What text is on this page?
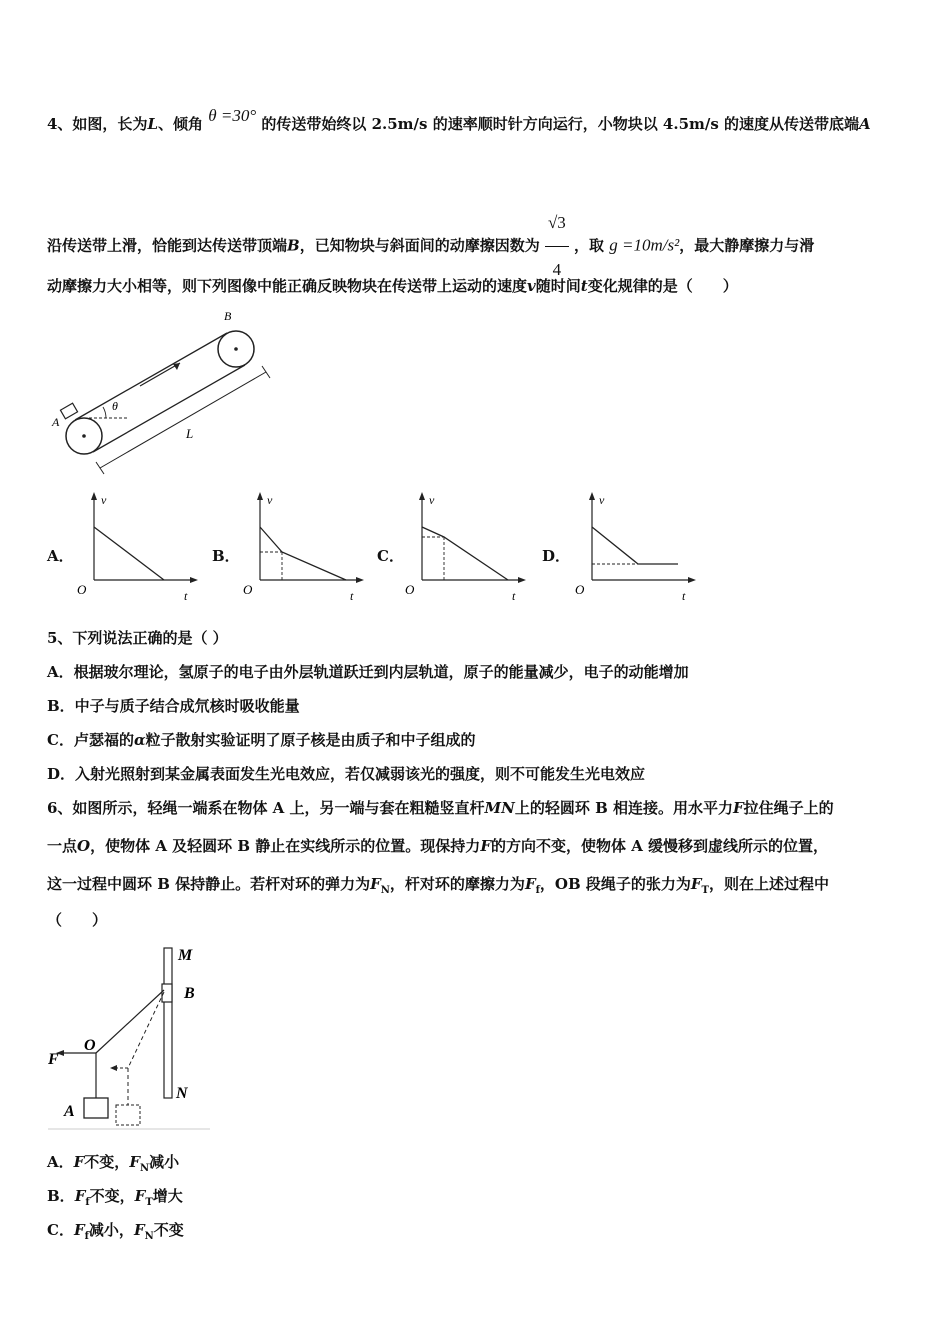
4、如图，长为L、倾角 θ =30° 的传送带始终以 2.5m/s 的速率顺时针方向运行，小物块以 4.5m/s 的速度从传送带底端A
沿传送带上滑，恰能到达传送带顶端B，已知物块与斜面间的动摩擦因数为 $\frac{√3}{4}$ ，取 g =10m/s²，最大静摩擦力与滑
动摩擦力大小相等，则下列图像中能正确反映物块在传送带上运动的速度v随时间t变化规律的是（　　）
A
B
θ
L
A．
v
t
O
B．
v
t
O
C．
v
t
O
D．
v
t
O
5、下列说法正确的是（ ）
A．根据玻尔理论，氢原子的电子由外层轨道跃迁到内层轨道，原子的能量减少，电子的动能增加
B．中子与质子结合成氘核时吸收能量
C．卢瑟福的α粒子散射实验证明了原子核是由质子和中子组成的
D．入射光照射到某金属表面发生光电效应，若仅减弱该光的强度，则不可能发生光电效应
6、如图所示，轻绳一端系在物体 A 上，另一端与套在粗糙竖直杆MN上的轻圆环 B 相连接。用水平力F拉住绳子上的
一点O，使物体 A 及轻圆环 B 静止在实线所示的位置。现保持力F的方向不变，使物体 A 缓慢移到虚线所示的位置，
这一过程中圆环 B 保持静止。若杆对环的弹力为$F_N$，杆对环的摩擦力为$F_f$，OB 段绳子的张力为$F_T$，则在上述过程中
（　　）
M
B
F
O
A
N
A．F不变，$F_N$减小
B．$F_f$不变，$F_T$增大
C．$F_f$减小，$F_N$不变
